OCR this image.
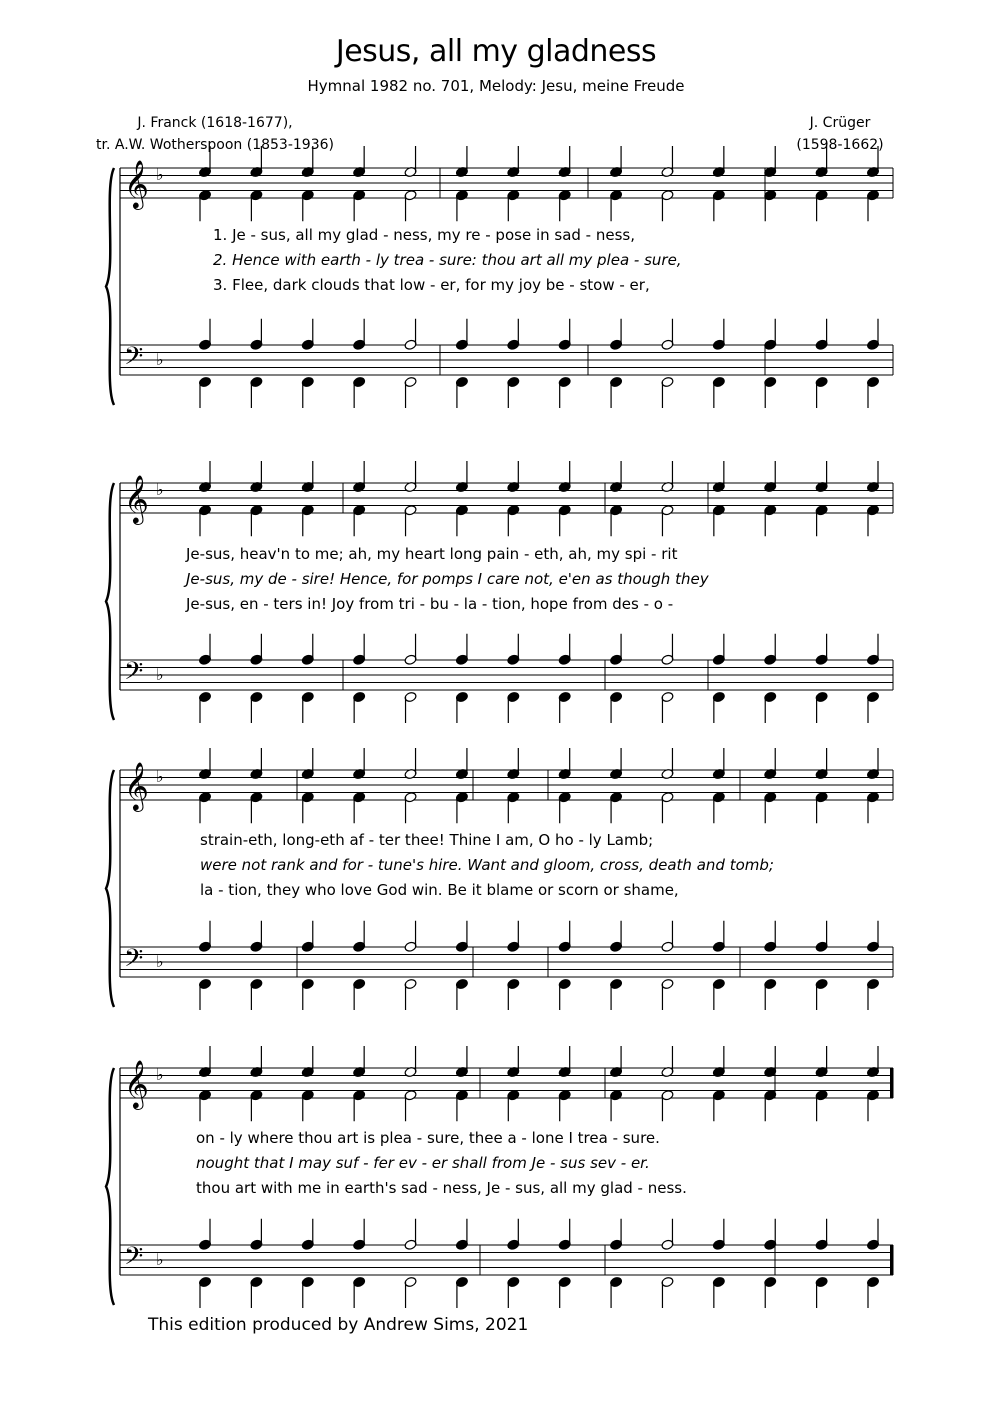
Jesus, all my gladness
Hymnal 1982 no. 701, Melody: Jesu, meine Freude
J. Franck (1618-1677),
tr. A.W. Wotherspoon (1853-1936)
J. Crüger
(1598-1662)
𝄞 ♭
𝄢 ♭
𝄞 ♭
𝄢 ♭
𝄞 ♭
𝄢 ♭
𝄞 ♭
𝄢 ♭
1. Je - sus, all my glad - ness, my re - pose in sad - ness,
2. Hence with earth - ly trea - sure: thou art all my plea - sure,
3. Flee, dark clouds that low - er, for my joy be - stow - er,
Je-sus, heav'n to me; ah, my heart long pain - eth, ah, my spi - rit
Je-sus, my de - sire! Hence, for pomps I care not, e'en as though they
Je-sus, en - ters in! Joy from tri - bu - la - tion, hope from des - o -
strain-eth, long-eth af - ter thee! Thine I am, O ho - ly Lamb;
were not rank and for - tune's hire. Want and gloom, cross, death and tomb;
la - tion, they who love God win. Be it blame or scorn or shame,
on - ly where thou art is plea - sure, thee a - lone I trea - sure.
nought that I may suf - fer ev - er shall from Je - sus sev - er.
thou art with me in earth's sad - ness, Je - sus, all my glad - ness.
This edition produced by Andrew Sims, 2021
